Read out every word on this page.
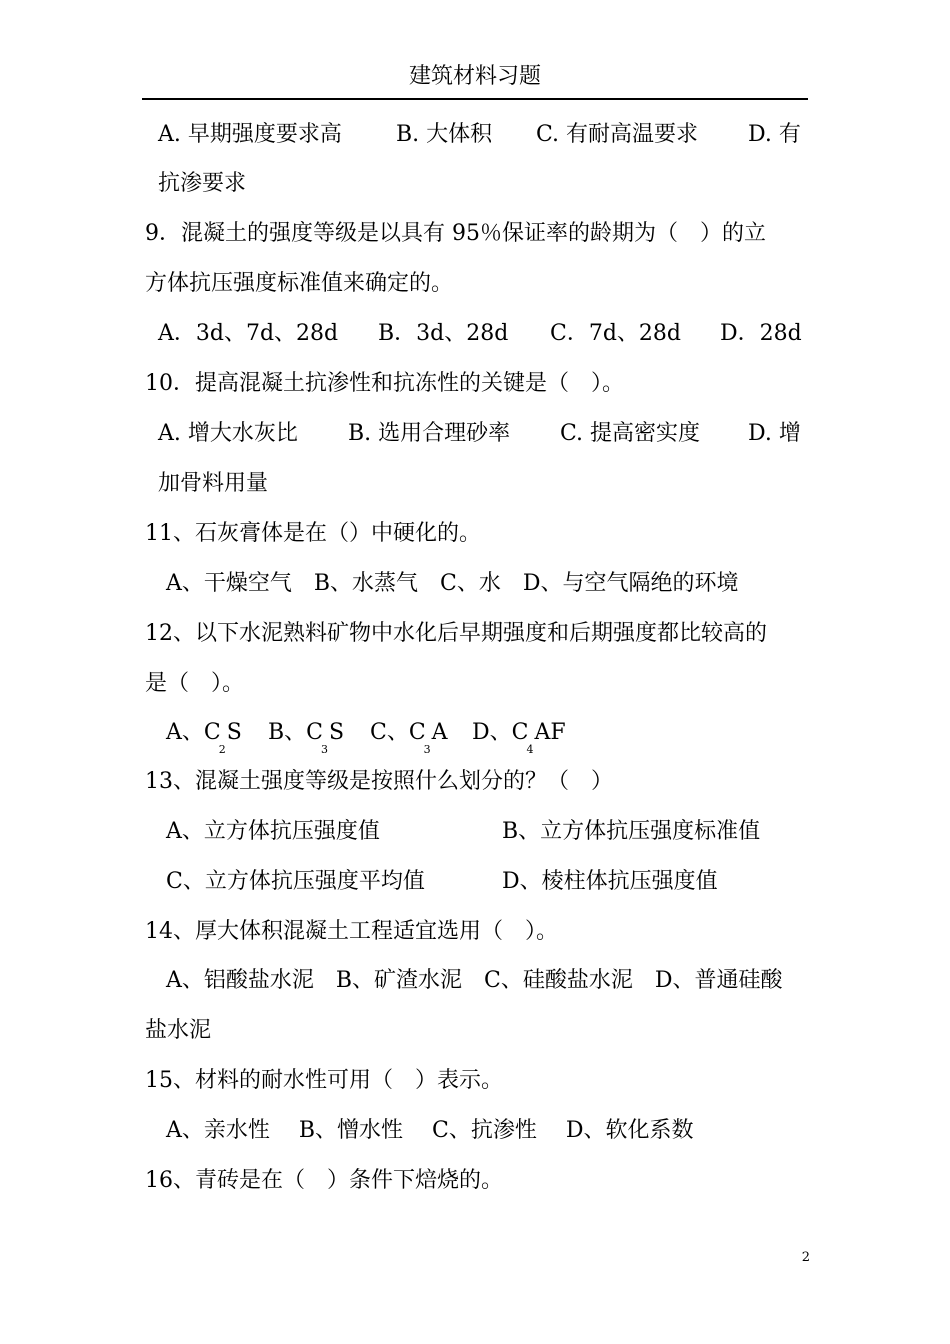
建筑材料习题
A. 早期强度要求高	B. 大体积	C. 有耐高温要求	D. 有
抗渗要求
9．混凝土的强度等级是以具有 95％保证率的龄期为（　）的立
方体抗压强度标准值来确定的。
A．3d、7d、28d	B．3d、28d	C．7d、28d	D．28d
10．提高混凝土抗渗性和抗冻性的关键是（　）。
A. 增大水灰比	B. 选用合理砂率	C. 提高密实度	D. 增
加骨料用量
11、石灰膏体是在（）中硬化的。
A、干燥空气　B、水蒸气　C、水　D、与空气隔绝的环境
12、以下水泥熟料矿物中水化后早期强度和后期强度都比较高的
是（　）。
A、$C_2S$	B、$C_3S$	C、$C_3A$	D、$C_4AF$
13、混凝土强度等级是按照什么划分的？（　）
A、立方体抗压强度值	B、立方体抗压强度标准值
C、立方体抗压强度平均值	D、棱柱体抗压强度值
14、厚大体积混凝土工程适宜选用（　）。
A、铝酸盐水泥　B、矿渣水泥　C、硅酸盐水泥　D、普通硅酸
盐水泥
15、材料的耐水性可用（　）表示。
A、亲水性　 B、憎水性　 C、抗渗性　 D、软化系数
16、青砖是在（　）条件下焙烧的。
2
